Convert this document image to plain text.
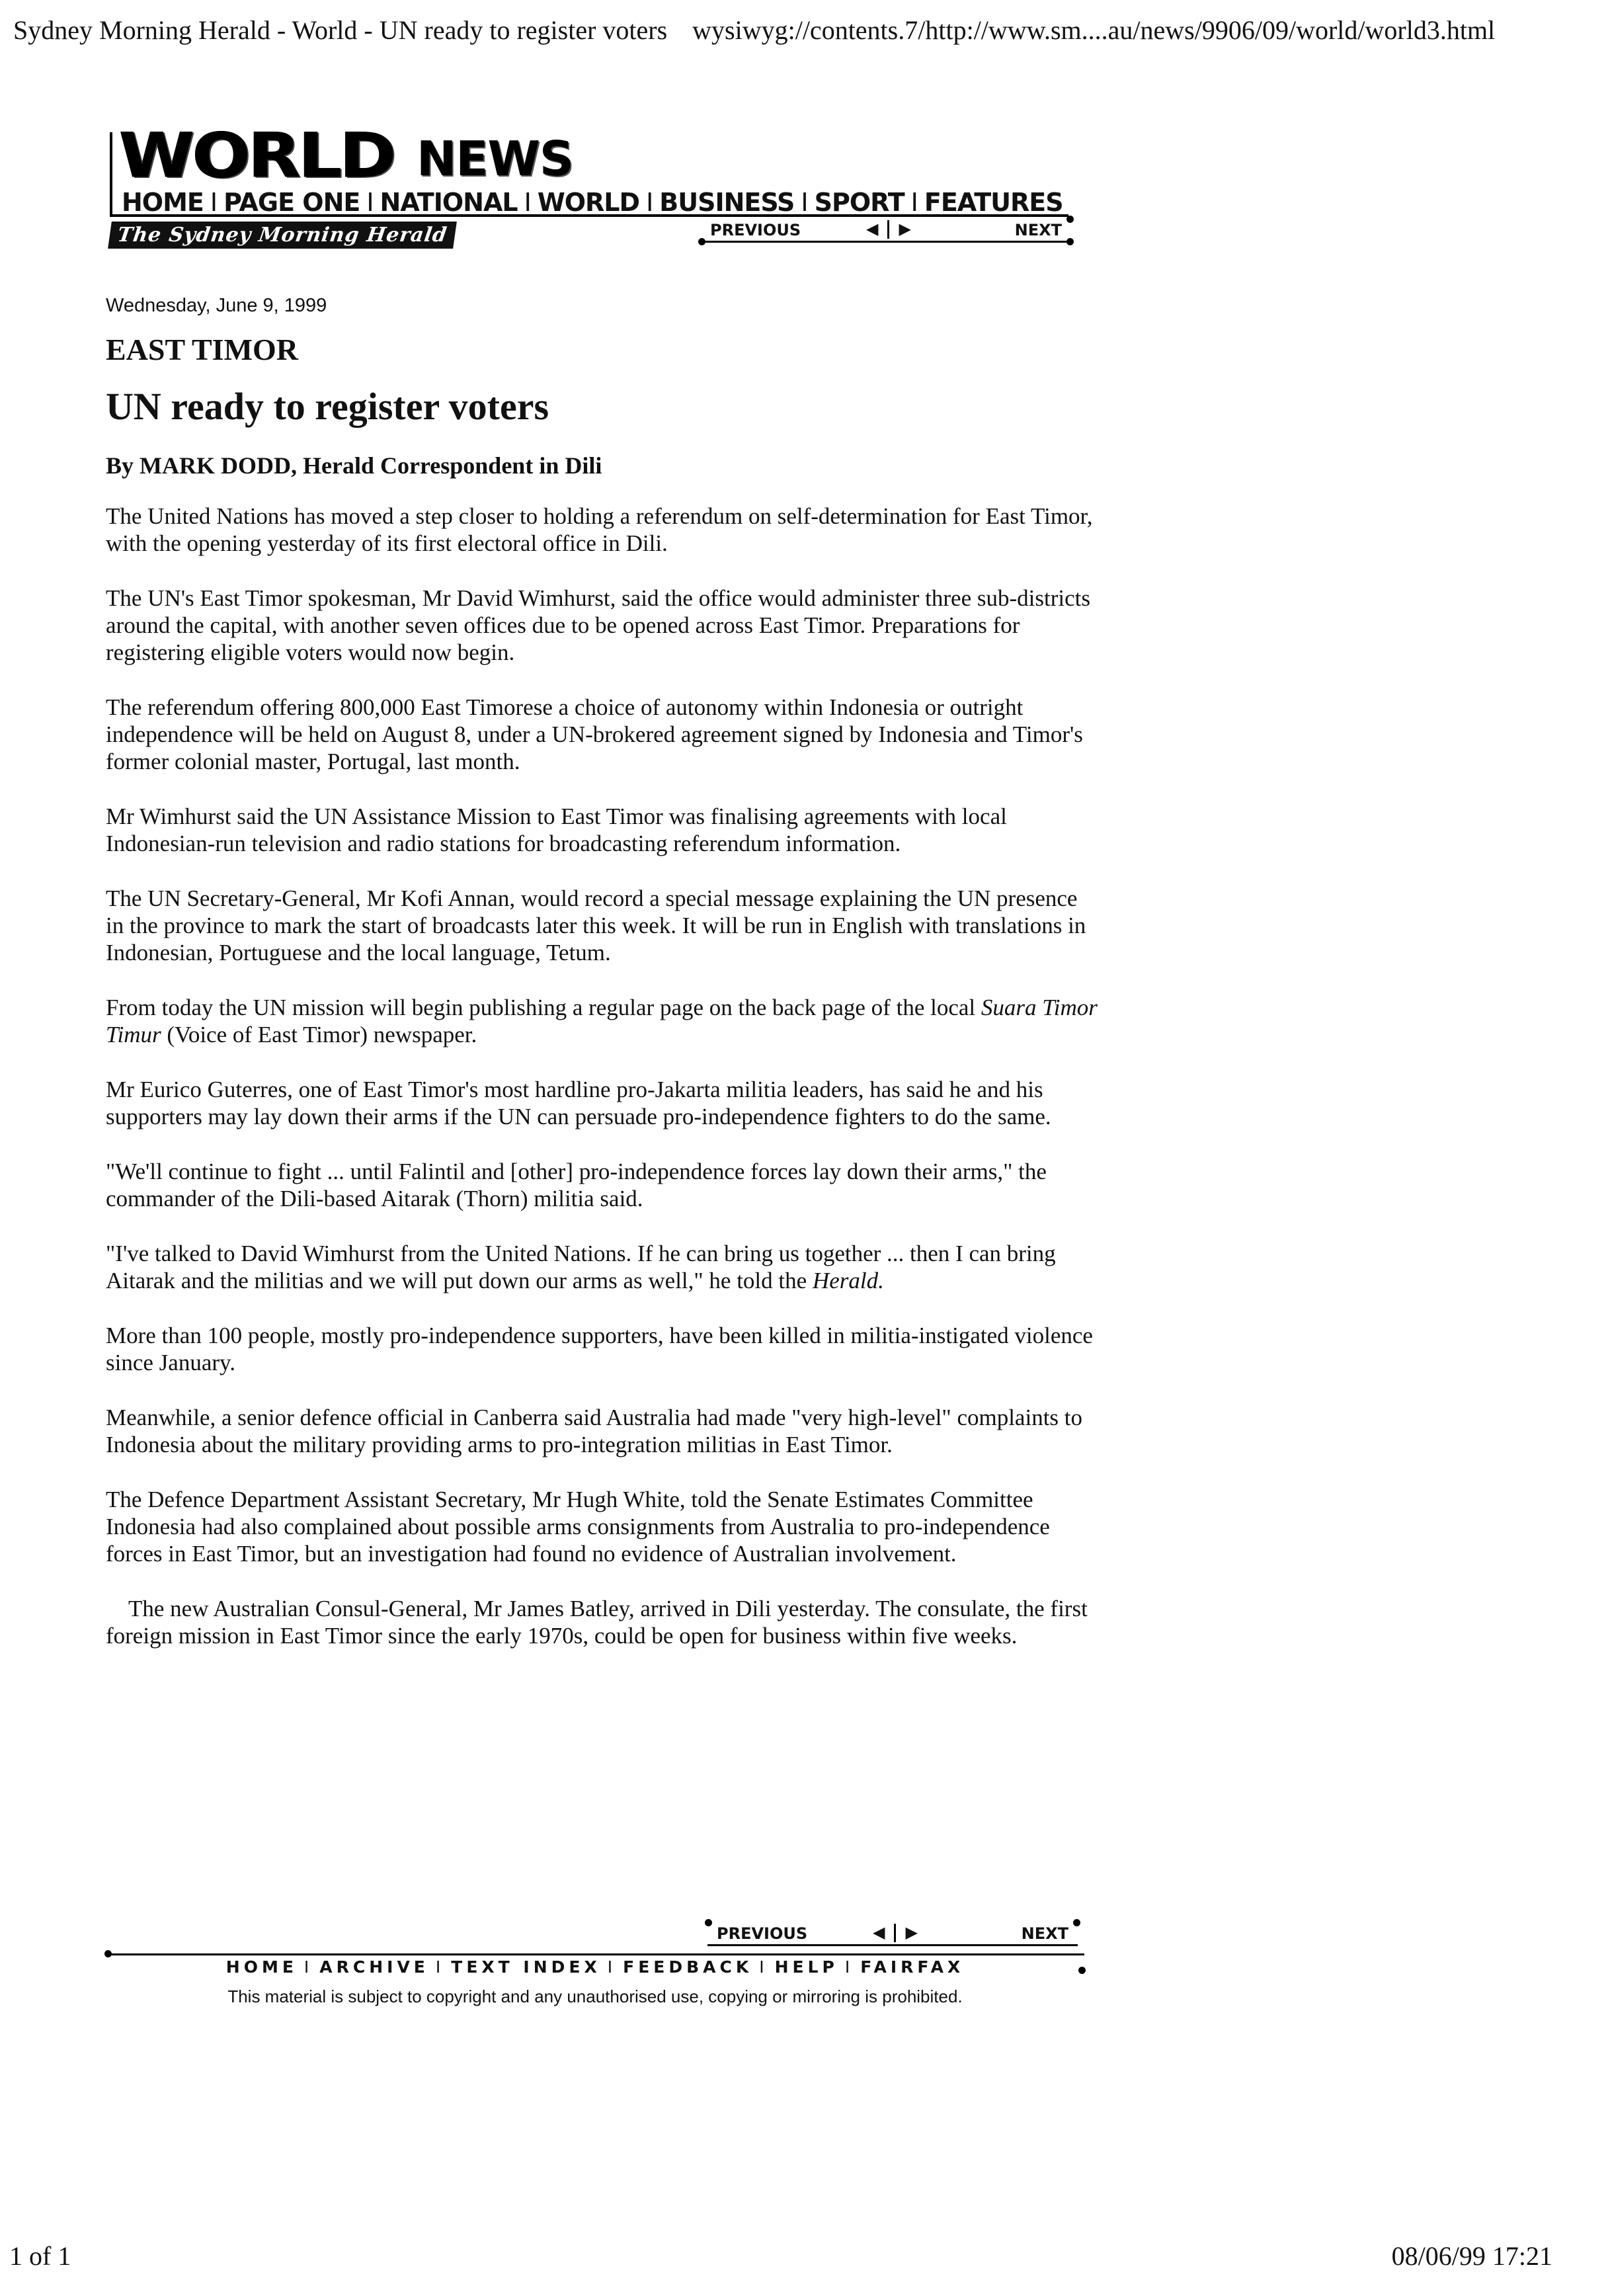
Sydney Morning Herald - World - UN ready to register voters wysiwyg://contents.7/http://www.sm....au/news/9906/09/world/world3.html
WORLD NEWS
HOME I PAGE ONE I NATIONAL I WORLD I BUSINESS I SPORT I FEATURES
The Sydney Morning Herald	PREVIOUS	◀ ▶	NEXT
Wednesday, June 9, 1999
EAST TIMOR
UN ready to register voters
By MARK DODD, Herald Correspondent in Dili

The United Nations has moved a step closer to holding a referendum on self-determination for East Timor, with the opening yesterday of its first electoral office in Dili.

The UN's East Timor spokesman, Mr David Wimhurst, said the office would administer three sub-districts around the capital, with another seven offices due to be opened across East Timor. Preparations for registering eligible voters would now begin.

The referendum offering 800,000 East Timorese a choice of autonomy within Indonesia or outright independence will be held on August 8, under a UN-brokered agreement signed by Indonesia and Timor's former colonial master, Portugal, last month.

Mr Wimhurst said the UN Assistance Mission to East Timor was finalising agreements with local Indonesian-run television and radio stations for broadcasting referendum information.

The UN Secretary-General, Mr Kofi Annan, would record a special message explaining the UN presence in the province to mark the start of broadcasts later this week. It will be run in English with translations in Indonesian, Portuguese and the local language, Tetum.

From today the UN mission will begin publishing a regular page on the back page of the local Suara Timor Timur (Voice of East Timor) newspaper.

Mr Eurico Guterres, one of East Timor's most hardline pro-Jakarta militia leaders, has said he and his supporters may lay down their arms if the UN can persuade pro-independence fighters to do the same.

"We'll continue to fight ... until Falintil and [other] pro-independence forces lay down their arms," the commander of the Dili-based Aitarak (Thorn) militia said.

"I've talked to David Wimhurst from the United Nations. If he can bring us together ... then I can bring Aitarak and the militias and we will put down our arms as well," he told the Herald.

More than 100 people, mostly pro-independence supporters, have been killed in militia-instigated violence since January.

Meanwhile, a senior defence official in Canberra said Australia had made "very high-level" complaints to Indonesia about the military providing arms to pro-integration militias in East Timor.

The Defence Department Assistant Secretary, Mr Hugh White, told the Senate Estimates Committee Indonesia had also complained about possible arms consignments from Australia to pro-independence forces in East Timor, but an investigation had found no evidence of Australian involvement.

The new Australian Consul-General, Mr James Batley, arrived in Dili yesterday. The consulate, the first foreign mission in East Timor since the early 1970s, could be open for business within five weeks.

PREVIOUS	◀ ▶	NEXT
HOME I ARCHIVE I TEXT INDEX I FEEDBACK I HELP I FAIRFAX
This material is subject to copyright and any unauthorised use, copying or mirroring is prohibited.
1 of 1	08/06/99 17:21
